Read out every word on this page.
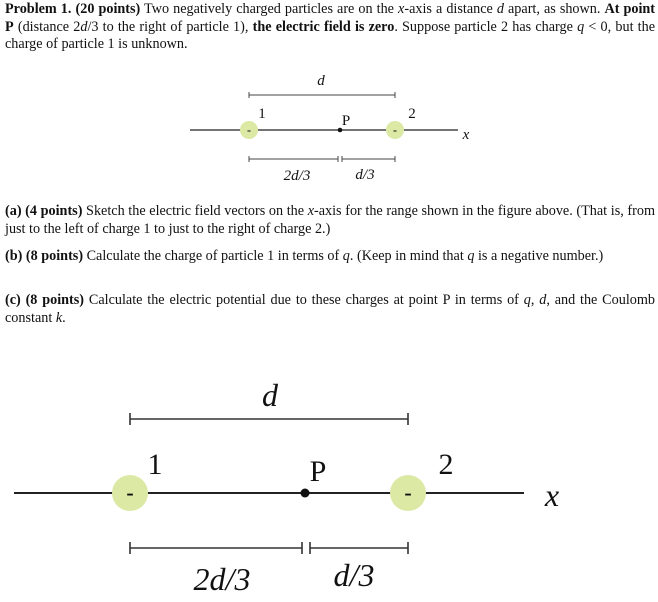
Problem 1. (20 points) Two negatively charged particles are on the x-axis a distance d apart, as shown. At point P (distance 2d/3 to the right of particle 1), the electric field is zero. Suppose particle 2 has charge q < 0, but the charge of particle 1 is unknown.
d
-	-
1	2
P
x
2d/3	d/3
(a) (4 points) Sketch the electric field vectors on the x-axis for the range shown in the figure above. (That is, from just to the left of charge 1 to just to the right of charge 2.)
(b) (8 points) Calculate the charge of particle 1 in terms of q. (Keep in mind that q is a negative number.)
(c) (8 points) Calculate the electric potential due to these charges at point P in terms of q, d, and the Coulomb constant k.
d
-	-
1	2
P
x
2d/3	d/3
